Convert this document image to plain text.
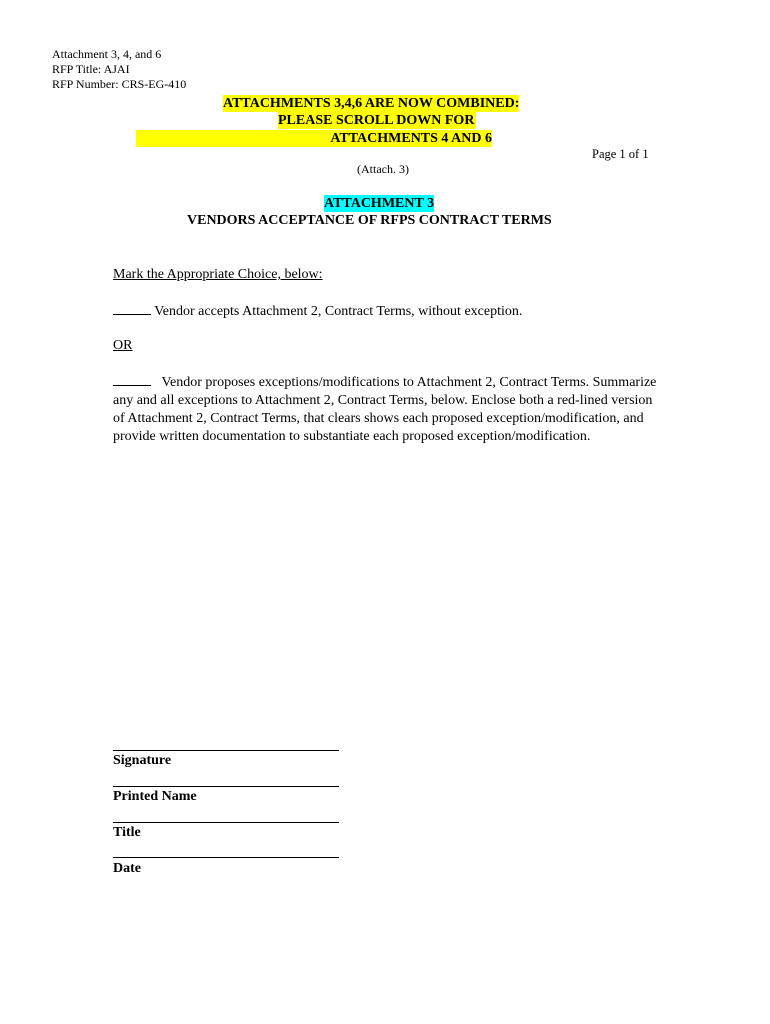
Attachment 3, 4, and 6
RFP Title: AJAI
RFP Number: CRS-EG-410
ATTACHMENTS 3,4,6 ARE NOW COMBINED:
PLEASE SCROLL DOWN FOR
ATTACHMENTS 4 AND 6
Page 1 of 1
(Attach. 3)
ATTACHMENT 3
VENDORS ACCEPTANCE OF RFPS CONTRACT TERMS
Mark the Appropriate Choice, below:
Vendor accepts Attachment 2, Contract Terms, without exception.
OR
Vendor proposes exceptions/modifications to Attachment 2, Contract Terms. Summarize any and all exceptions to Attachment 2, Contract Terms, below. Enclose both a red-lined version of Attachment 2, Contract Terms, that clears shows each proposed exception/modification, and provide written documentation to substantiate each proposed exception/modification.
Signature
Printed Name
Title
Date
